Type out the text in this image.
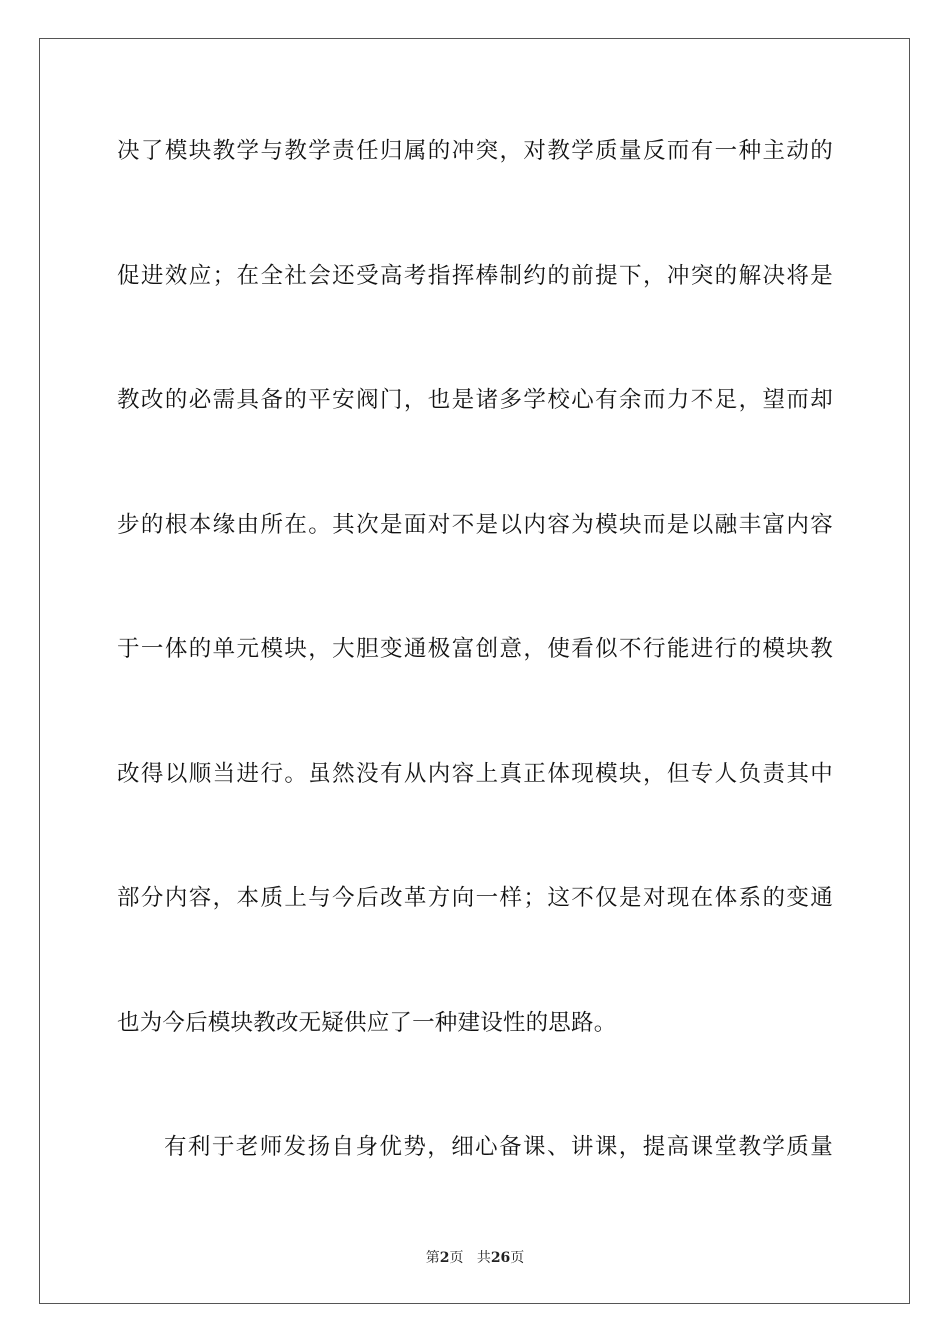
决了模块教学与教学责任归属的冲突，对教学质量反而有一种主动的
促进效应；在全社会还受高考指挥棒制约的前提下，冲突的解决将是
教改的必需具备的平安阀门，也是诸多学校心有余而力不足，望而却
步的根本缘由所在。其次是面对不是以内容为模块而是以融丰富内容
于一体的单元模块，大胆变通极富创意，使看似不行能进行的模块教
改得以顺当进行。虽然没有从内容上真正体现模块，但专人负责其中
部分内容，本质上与今后改革方向一样；这不仅是对现在体系的变通
也为今后模块教改无疑供应了一种建设性的思路。
有利于老师发扬自身优势，细心备课、讲课，提高课堂教学质量
第2页 共26页
